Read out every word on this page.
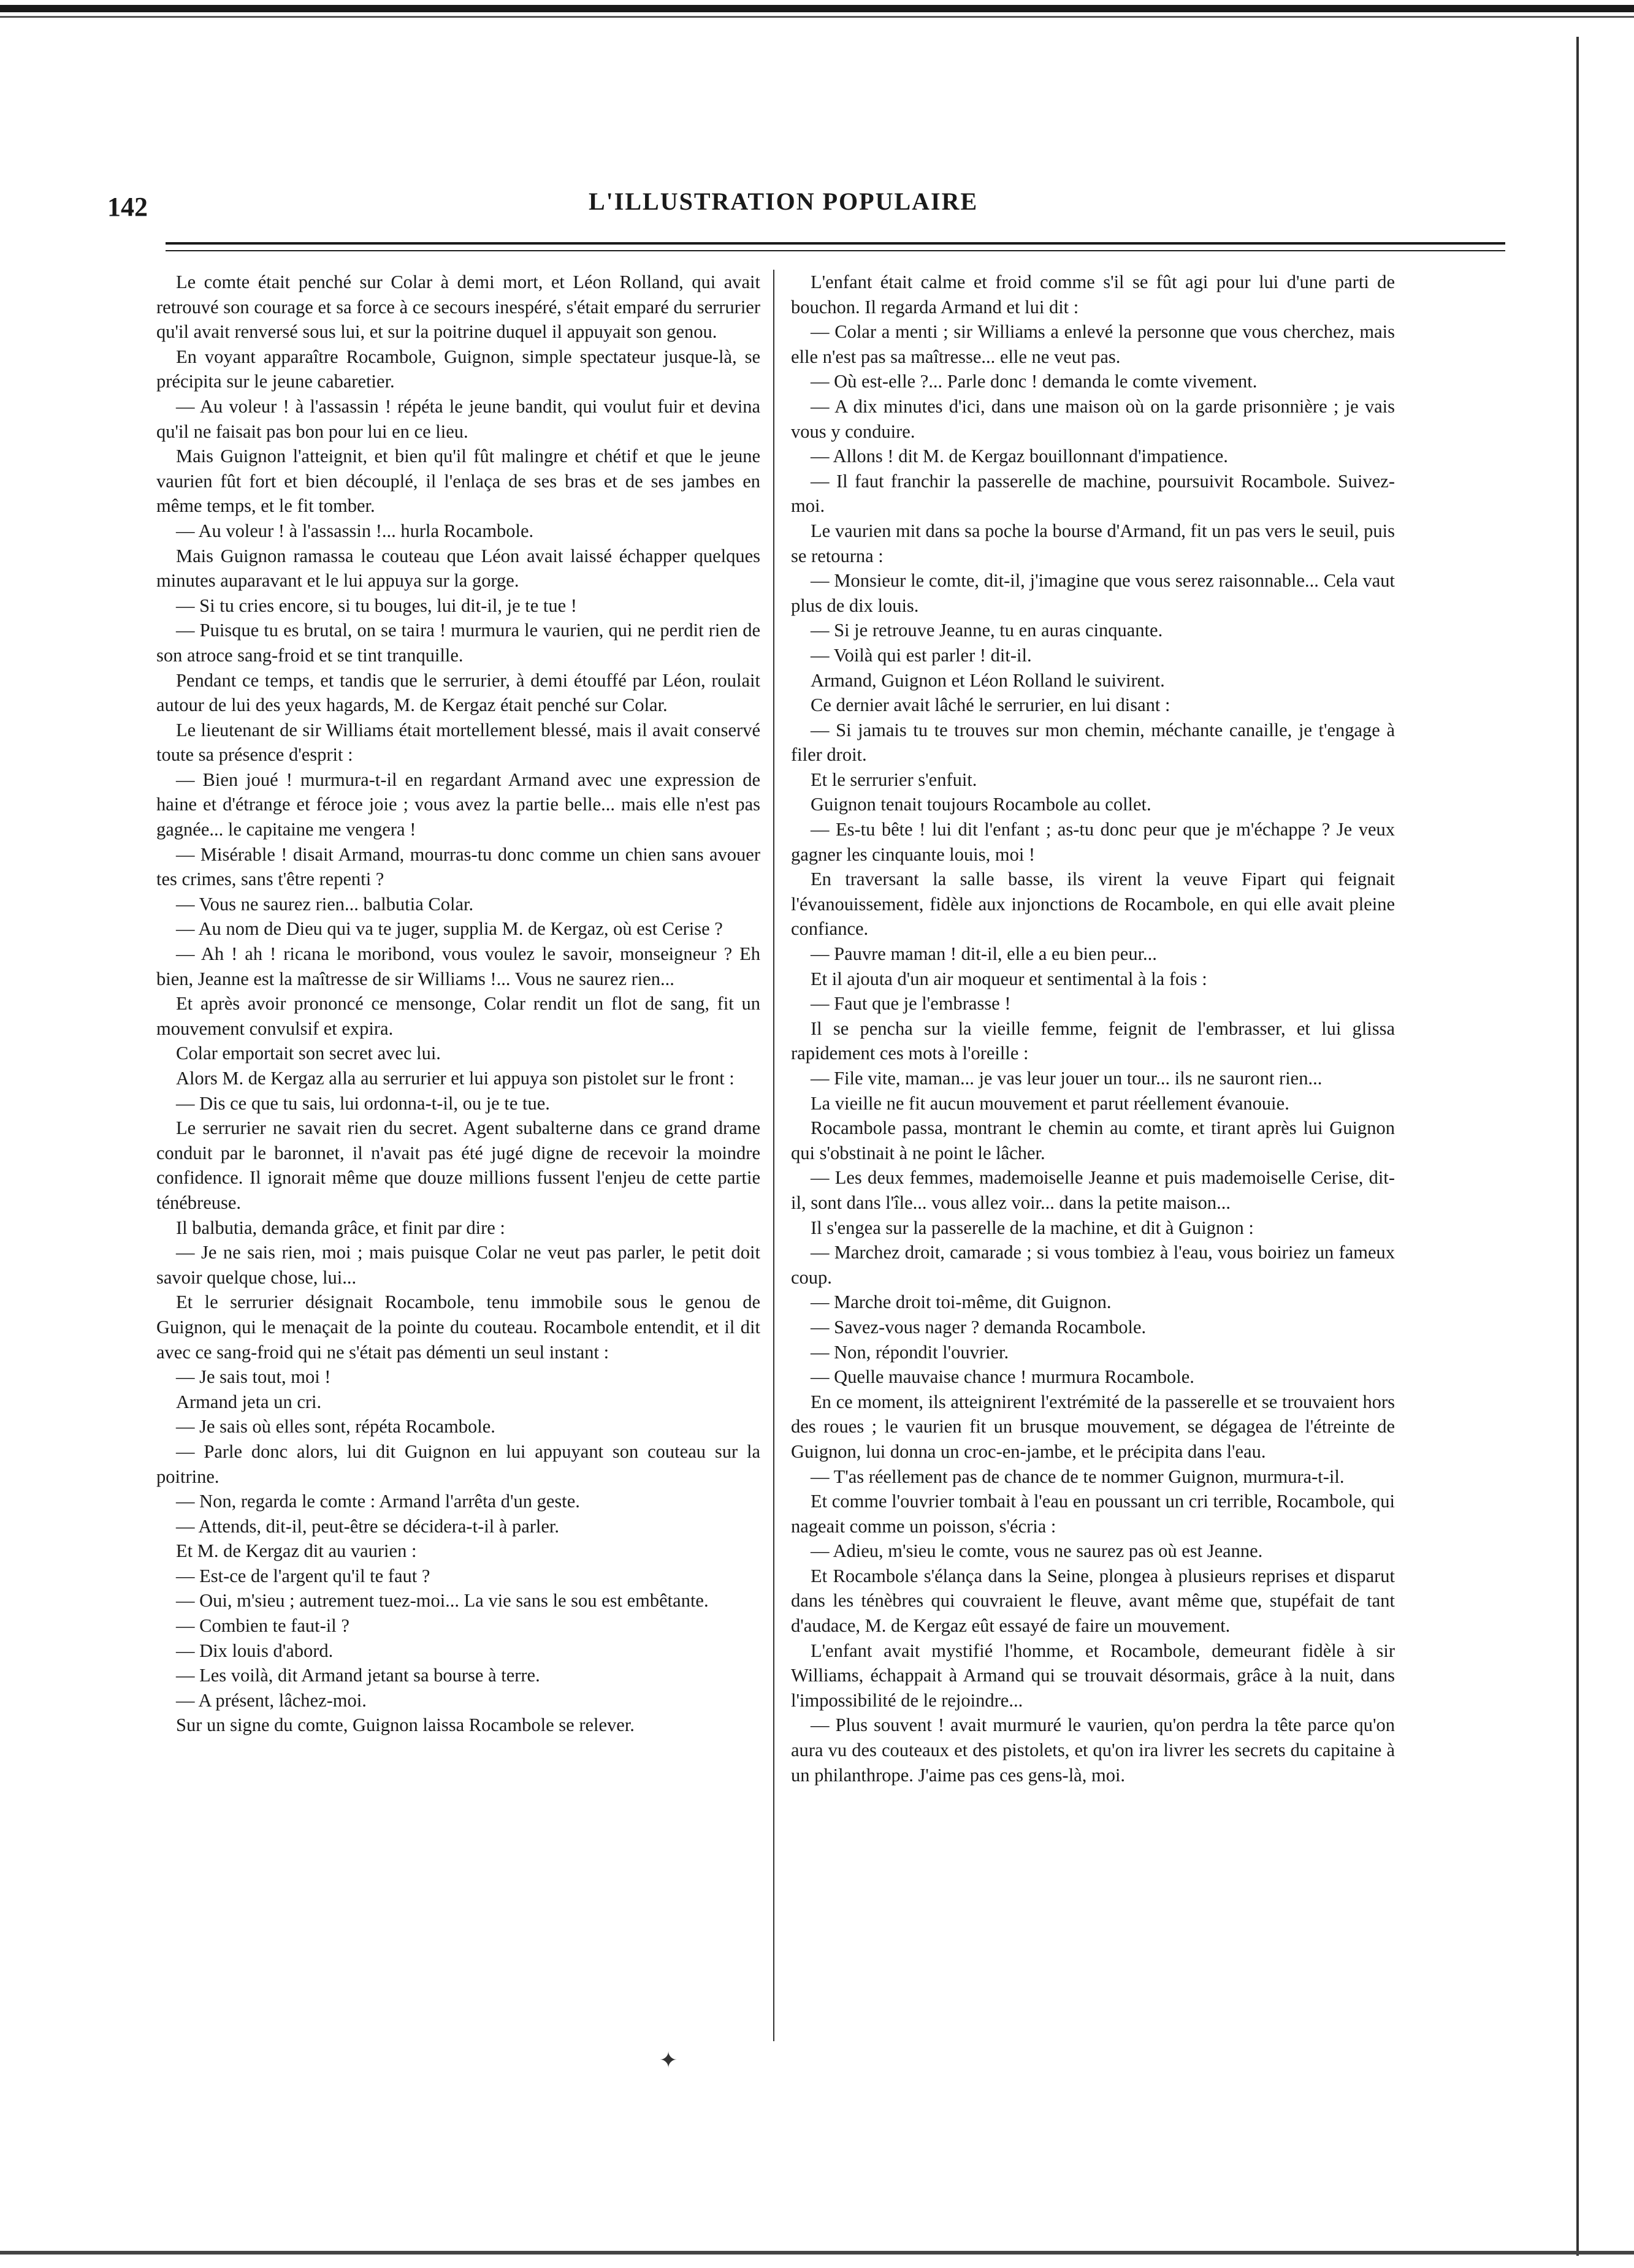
142	L'ILLUSTRATION POPULAIRE

Le comte était penché sur Colar à demi mort, et Léon Rolland, qui avait retrouvé son courage et sa force à ce secours inespéré, s'était emparé du serrurier qu'il avait renversé sous lui, et sur la poitrine duquel il appuyait son genou.

En voyant apparaître Rocambole, Guignon, simple spectateur jusque-là, se précipita sur le jeune cabaretier.

— Au voleur ! à l'assassin ! répéta le jeune bandit, qui voulut fuir et devina qu'il ne faisait pas bon pour lui en ce lieu.

Mais Guignon l'atteignit, et bien qu'il fût malingre et chétif et que le jeune vaurien fût fort et bien découplé, il l'enlaça de ses bras et de ses jambes en même temps, et le fit tomber.

— Au voleur ! à l'assassin !... hurla Rocambole.

Mais Guignon ramassa le couteau que Léon avait laissé échapper quelques minutes auparavant et le lui appuya sur la gorge.

— Si tu cries encore, si tu bouges, lui dit-il, je te tue !

— Puisque tu es brutal, on se taira ! murmura le vaurien, qui ne perdit rien de son atroce sang-froid et se tint tranquille.

Pendant ce temps, et tandis que le serrurier, à demi étouffé par Léon, roulait autour de lui des yeux hagards, M. de Kergaz était penché sur Colar.

Le lieutenant de sir Williams était mortellement blessé, mais il avait conservé toute sa présence d'esprit :

— Bien joué ! murmura-t-il en regardant Armand avec une expression de haine et d'étrange et féroce joie ; vous avez la partie belle... mais elle n'est pas gagnée... le capitaine me vengera !

— Misérable ! disait Armand, mourras-tu donc comme un chien sans avouer tes crimes, sans t'être repenti ?

— Vous ne saurez rien... balbutia Colar.

— Au nom de Dieu qui va te juger, supplia M. de Kergaz, où est Cerise ?

— Ah ! ah ! ricana le moribond, vous voulez le savoir, monseigneur ? Eh bien, Jeanne est la maîtresse de sir Williams !... Vous ne saurez rien...

Et après avoir prononcé ce mensonge, Colar rendit un flot de sang, fit un mouvement convulsif et expira.

Colar emportait son secret avec lui.

Alors M. de Kergaz alla au serrurier et lui appuya son pistolet sur le front :

— Dis ce que tu sais, lui ordonna-t-il, ou je te tue.

Le serrurier ne savait rien du secret. Agent subalterne dans ce grand drame conduit par le baronnet, il n'avait pas été jugé digne de recevoir la moindre confidence. Il ignorait même que douze millions fussent l'enjeu de cette partie ténébreuse.

Il balbutia, demanda grâce, et finit par dire :

— Je ne sais rien, moi ; mais puisque Colar ne veut pas parler, le petit doit savoir quelque chose, lui...

Et le serrurier désignait Rocambole, tenu immobile sous le genou de Guignon, qui le menaçait de la pointe du couteau. Rocambole entendit, et il dit avec ce sang-froid qui ne s'était pas démenti un seul instant :

— Je sais tout, moi !

Armand jeta un cri.

— Je sais où elles sont, répéta Rocambole.

— Parle donc alors, lui dit Guignon en lui appuyant son couteau sur la poitrine.

— Non, regarda le comte : Armand l'arrêta d'un geste.

— Attends, dit-il, peut-être se décidera-t-il à parler.

Et M. de Kergaz dit au vaurien :

— Est-ce de l'argent qu'il te faut ?

— Oui, m'sieu ; autrement tuez-moi... La vie sans le sou est embêtante.

— Combien te faut-il ?

— Dix louis d'abord.

— Les voilà, dit Armand jetant sa bourse à terre.

— A présent, lâchez-moi.

Sur un signe du comte, Guignon laissa Rocambole se relever.

L'enfant était calme et froid comme s'il se fût agi pour lui d'une parti de bouchon. Il regarda Armand et lui dit :

— Colar a menti ; sir Williams a enlevé la personne que vous cherchez, mais elle n'est pas sa maîtresse... elle ne veut pas.

— Où est-elle ?... Parle donc ! demanda le comte vivement.

— A dix minutes d'ici, dans une maison où on la garde prisonnière ; je vais vous y conduire.

— Allons ! dit M. de Kergaz bouillonnant d'impatience.

— Il faut franchir la passerelle de machine, poursuivit Rocambole. Suivez-moi.

Le vaurien mit dans sa poche la bourse d'Armand, fit un pas vers le seuil, puis se retourna :

— Monsieur le comte, dit-il, j'imagine que vous serez raisonnable... Cela vaut plus de dix louis.

— Si je retrouve Jeanne, tu en auras cinquante.

— Voilà qui est parler ! dit-il.

Armand, Guignon et Léon Rolland le suivirent.

Ce dernier avait lâché le serrurier, en lui disant :

— Si jamais tu te trouves sur mon chemin, méchante canaille, je t'engage à filer droit.

Et le serrurier s'enfuit.

Guignon tenait toujours Rocambole au collet.

— Es-tu bête ! lui dit l'enfant ; as-tu donc peur que je m'échappe ? Je veux gagner les cinquante louis, moi !

En traversant la salle basse, ils virent la veuve Fipart qui feignait l'évanouissement, fidèle aux injonctions de Rocambole, en qui elle avait pleine confiance.

— Pauvre maman ! dit-il, elle a eu bien peur...

Et il ajouta d'un air moqueur et sentimental à la fois :

— Faut que je l'embrasse !

Il se pencha sur la vieille femme, feignit de l'embrasser, et lui glissa rapidement ces mots à l'oreille :

— File vite, maman... je vas leur jouer un tour... ils ne sauront rien...

La vieille ne fit aucun mouvement et parut réellement évanouie.

Rocambole passa, montrant le chemin au comte, et tirant après lui Guignon qui s'obstinait à ne point le lâcher.

— Les deux femmes, mademoiselle Jeanne et puis mademoiselle Cerise, dit-il, sont dans l'île... vous allez voir... dans la petite maison...

Il s'engea sur la passerelle de la machine, et dit à Guignon :

— Marchez droit, camarade ; si vous tombiez à l'eau, vous boiriez un fameux coup.

— Marche droit toi-même, dit Guignon.

— Savez-vous nager ? demanda Rocambole.

— Non, répondit l'ouvrier.

— Quelle mauvaise chance ! murmura Rocambole.

En ce moment, ils atteignirent l'extrémité de la passerelle et se trouvaient hors des roues ; le vaurien fit un brusque mouvement, se dégagea de l'étreinte de Guignon, lui donna un croc-en-jambe, et le précipita dans l'eau.

— T'as réellement pas de chance de te nommer Guignon, murmura-t-il.

Et comme l'ouvrier tombait à l'eau en poussant un cri terrible, Rocambole, qui nageait comme un poisson, s'écria :

— Adieu, m'sieu le comte, vous ne saurez pas où est Jeanne.

Et Rocambole s'élança dans la Seine, plongea à plusieurs reprises et disparut dans les ténèbres qui couvraient le fleuve, avant même que, stupéfait de tant d'audace, M. de Kergaz eût essayé de faire un mouvement.

L'enfant avait mystifié l'homme, et Rocambole, demeurant fidèle à sir Williams, échappait à Armand qui se trouvait désormais, grâce à la nuit, dans l'impossibilité de le rejoindre...

— Plus souvent ! avait murmuré le vaurien, qu'on perdra la tête parce qu'on aura vu des couteaux et des pistolets, et qu'on ira livrer les secrets du capitaine à un philanthrope. J'aime pas ces gens-là, moi.

✦
